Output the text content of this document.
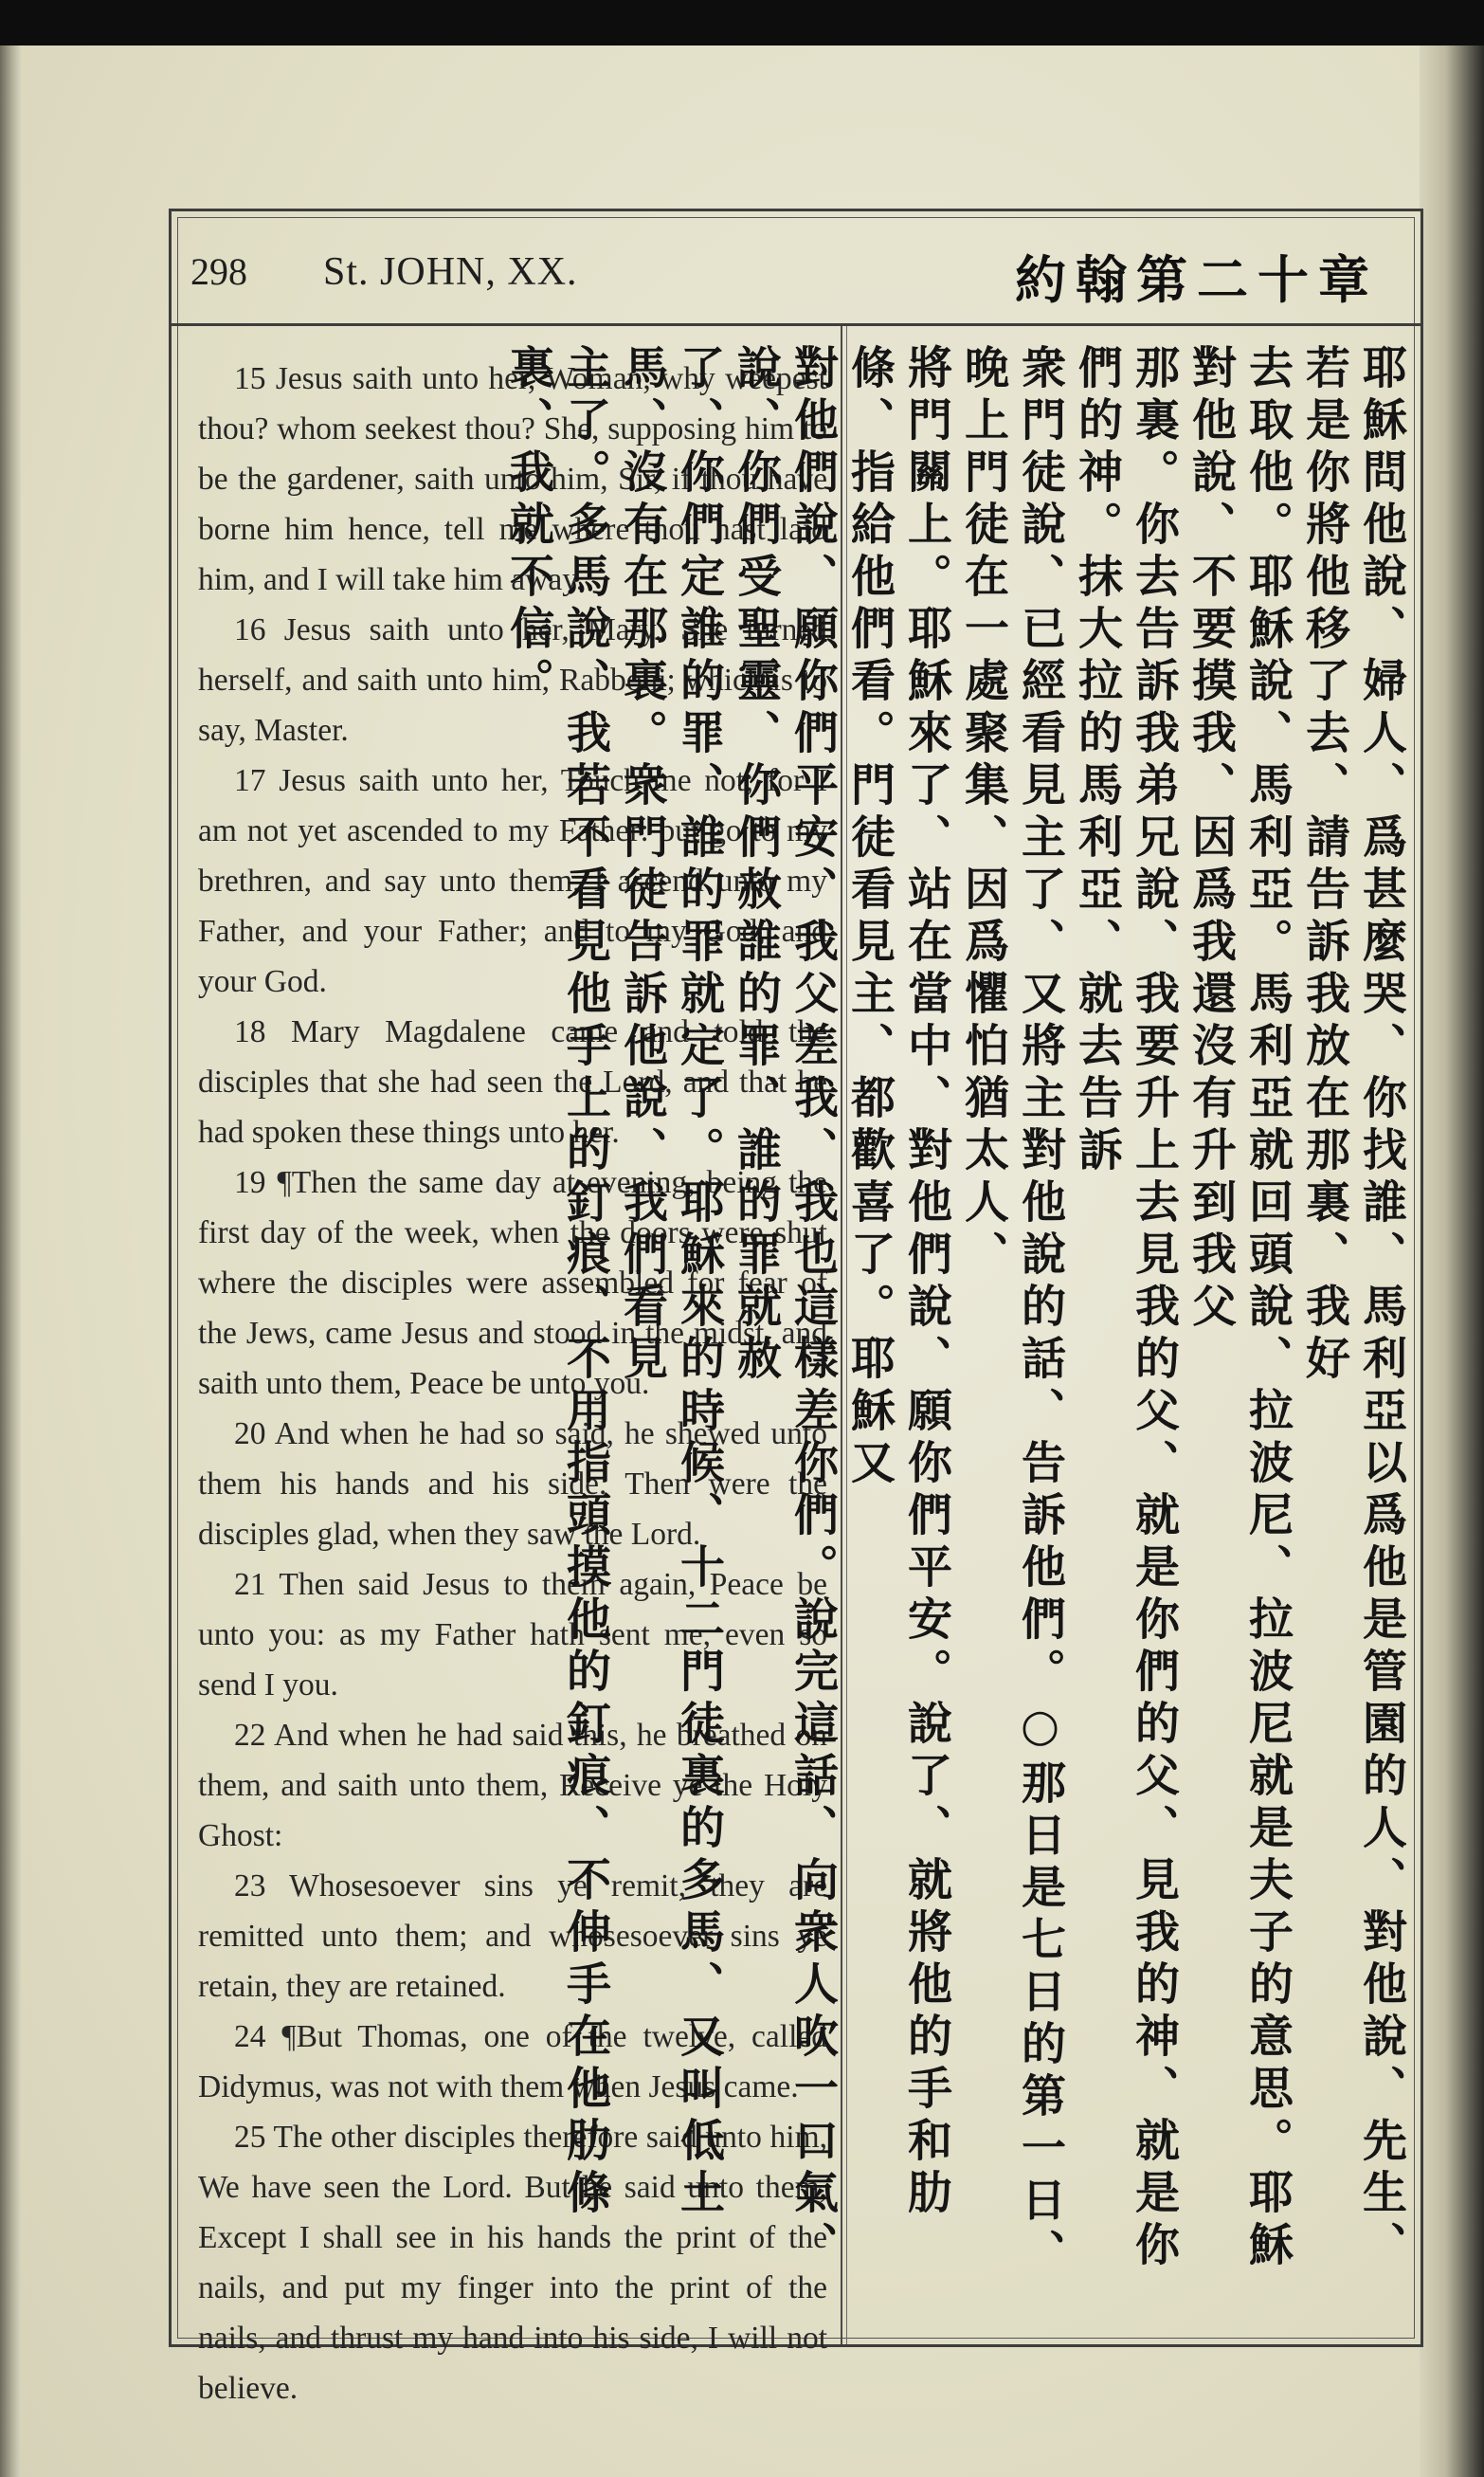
298 St. JOHN, XX.	約翰第二十章

15 Jesus saith unto her, Woman, why weepest thou? whom seekest thou? She, supposing him to be the gardener, saith unto him, Sir, if thou have borne him hence, tell me where thou hast laid him, and I will take him away.

16 Jesus saith unto her, Mary. She turned herself, and saith unto him, Rabboni; which is to say, Master.

17 Jesus saith unto her, Touch me not; for I am not yet ascended to my Father: but go to my brethren, and say unto them, I ascend unto my Father, and your Father; and to my God, and your God.

18 Mary Magdalene came and told the disciples that she had seen the Lord, and that he had spoken these things unto her.

19 ¶Then the same day at evening, being the first day of the week, when the doors were shut where the disciples were assembled for fear of the Jews, came Jesus and stood in the midst, and saith unto them, Peace be unto you.

20 And when he had so said, he shewed unto them his hands and his side. Then were the disciples glad, when they saw the Lord.

21 Then said Jesus to them again, Peace be unto you: as my Father hath sent me, even so send I you.

22 And when he had said this, he breathed on them, and saith unto them, Receive ye the Holy Ghost:

23 Whosesoever sins ye remit, they are remitted unto them; and whosesoever sins ye retain, they are retained.

24 ¶But Thomas, one of the twelve, called Didymus, was not with them when Jesus came.

25 The other disciples therefore said unto him, We have seen the Lord. But he said unto them, Except I shall see in his hands the print of the nails, and put my finger into the print of the nails, and thrust my hand into his side, I will not believe.

耶穌問他說、婦人、爲甚麼哭、你找誰、馬利亞以爲他是管園的人、對他說、先生、若是你將他移了去、請告訴我放在那裏、我好
去取他。耶穌說、馬利亞。馬利亞就回頭說、拉波尼、拉波尼就是夫子的意思。耶穌對他說、不要摸我、因爲我還沒有升到我父
那裏。你去告訴我弟兄說、我要升上去見我的父、就是你們的父、見我的神、就是你們的神。抹大拉的馬利亞、就去告訴
衆門徒說、已經看見主了、又將主對他說的話、告訴他們。○那日是七日的第一日、晚上門徒在一處聚集、因爲懼怕猶太人、
將門關上。耶穌來了、站在當中、對他們說、願你們平安。說了、就將他的手和肋條、指給他們看。門徒看見主、都歡喜了。耶穌又
對他們說、願你們平安、我父差我、我也這樣差你們。說完這話、向衆人吹一口氣、說、你們受聖靈、你們赦誰的罪、誰的罪就赦
了、你們定誰的罪、誰的罪就定了。耶穌來的時候、十二門徒裏的多馬、又叫低土馬、沒有在那裏。衆門徒告訴他說、我們看見
主了。多馬說、我若不看見他手上的釘痕、不用指頭摸他的釘痕、不伸手在他肋條裏、我就不信。
